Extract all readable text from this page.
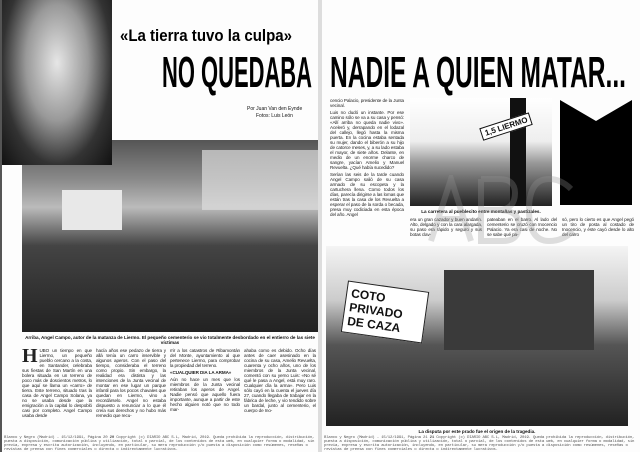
«La tierra tuvo la culpa»
NO QUEDABA
Por Juan Van den Eynde
Fotos: Luis León
Arriba, Angel Campo, autor de la matanza de Liermo. El pequeño cementerio se vio totalmente desbordado en el entierro de las siete víctimas
HUBO un tiempo en que Liermo, un pequeño pueblo cercano a la costa, en Santander, celebraba sus fiestas de San Martín en una bolera situada en un terreno de poco más de doscientos metros, lo que aquí se llama un «carro» de tierra. Este terreno, situado tras la casa de Angel Campo Solana, ya no se usaba desde que la emigración a la capital lo despobló casi por completo. Angel Campo usaba desde
hacía años ese pedazo de tierra y allá tenía un carro inservible y algunos aperos. Con el paso del tiempo, consideraba el terreno como propio. Sin embargo, la realidad era distinta y las intenciones de la Junta vecinal de montar en ese lugar un parque infantil para los pocos chavales que quedan en Liermo, vino a recordárselo. Angel no estaba dispuesto a renunciar a lo que él creía sus derechos y no hubo más remedio que recu-
rrir a los catastros de Ribamontán del Monte, ayuntamiento al que pertenece Liermo, para comprobar la propiedad del terreno.
«CUALQUIER DIA LA ARMA»
Aún no hace un mes que los miembros de la Junta vecinal retiraban los aperos de Angel. Nadie pensó que aquello fuera importante, aunque a partir de este hecho alguien notó que no todo mar-
ahaba como es debido. Ocho días antes de caer asesinado en la cocina de su casa, Amelio Revuelta, cuarenta y ocho años, uno de los miembros de la Junta vecinal, comentó con su yerno Luis: «No sé qué le pasa a Angel, está muy raro. Cualquier día la arma». Pero Luis sólo cayó en la cuenta el jueves día 27, cuando llegaba de trabajar en la fábrica de leche, y vio tendido sobre un bardal, junto al cementerio, el cuerpo de Ino-
Blanco y Negro (Madrid) - 15/12/1991, Página 20 20 Copyright (c) DIARIO ABC S.L, Madrid, 2019. Queda prohibida la reproducción, distribución, puesta a disposición, comunicación pública y utilización, total o parcial, de los contenidos de esta web, en cualquier forma o modalidad, sin previa, expresa y escrita autorización, incluyendo, en particular, su mera reproducción y/o puesta a disposición como resúmenes, reseñas o revistas de prensa con fines comerciales o directa o indirectamente lucrativos.
NADIE A QUIEN MATAR...

cencio Palacio, presidente de la Junta vecinal.

Luis no dudó un instante. Por ese camino sólo se va a su casa y pensó: «Allí arriba no queda nadie vivo». Aceleró y, derrapando en el lodazal del callejo, llegó hasta la misma puerta. En la cocina estaba sentada su mujer, dando el biberón a su hijo de catorce meses, y, a su lado estaba el mayor, de siete años. Delante, en medio de un enorme charco de sangre, yacían Amelio y Manuel Revuelta. ¿Qué había sucedido?

Serían las seis de la tarde cuando Angel Campo salió de su casa armado de su escopeta y la cartuchera llena. Como todos los días, parecía dirigirse a las lomas que están tras la casa de los Revuelta a esperar el paso de la sorda o becada, presa muy codiciada en esta época del año. Angel

1,5 LIERMO
La carretera al pueblecito entre montañas y pastizales.
era un gran cazador y buen andarín. Alto, delgado y con la cara alargada, su paso era rápido y seguro y sus botas clav-
pateaban en el barro. Al lado del cementerio se cruzó con Inocencio Palacio. Ya era casi de noche. No se sabe qué pa-
só, pero lo cierto es que Angel pegó un tiro de posta al costado de Inocencio, y éste cayó desde lo alto del carro
COTO PRIVADO DE CAZA
La disputa por este prado fue el origen de la tragedia.
Blanco y Negro (Madrid) - 15/12/1991, Página 21 21 Copyright (c) DIARIO ABC S.L, Madrid, 2019. Queda prohibida la reproducción, distribución, puesta a disposición, comunicación pública y utilización, total o parcial, de los contenidos de esta web, en cualquier forma o modalidad, sin previa, expresa y escrita autorización, incluyendo, en particular, su mera reproducción y/o puesta a disposición como resúmenes, reseñas o revistas de prensa con fines comerciales o directa o indirectamente lucrativos.
